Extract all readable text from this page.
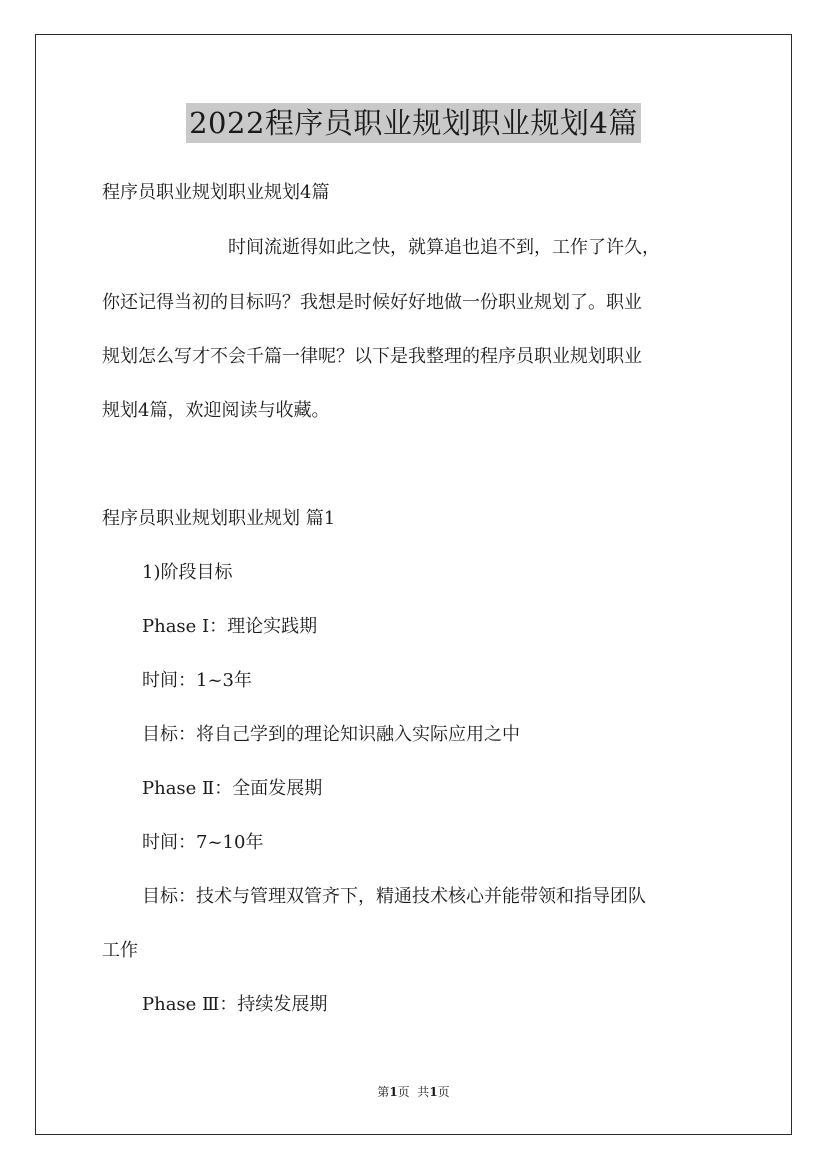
2022程序员职业规划职业规划4篇

程序员职业规划职业规划4篇

时间流逝得如此之快，就算追也追不到，工作了许久，

你还记得当初的目标吗？我想是时候好好地做一份职业规划了。职业

规划怎么写才不会千篇一律呢？以下是我整理的程序员职业规划职业

规划4篇，欢迎阅读与收藏。

程序员职业规划职业规划 篇1

1)阶段目标

Phase Ⅰ：理论实践期

时间：1~3年

目标：将自己学到的理论知识融入实际应用之中

Phase Ⅱ：全面发展期

时间：7~10年

目标：技术与管理双管齐下，精通技术核心并能带领和指导团队

工作

Phase Ⅲ：持续发展期

第1页  共1页
